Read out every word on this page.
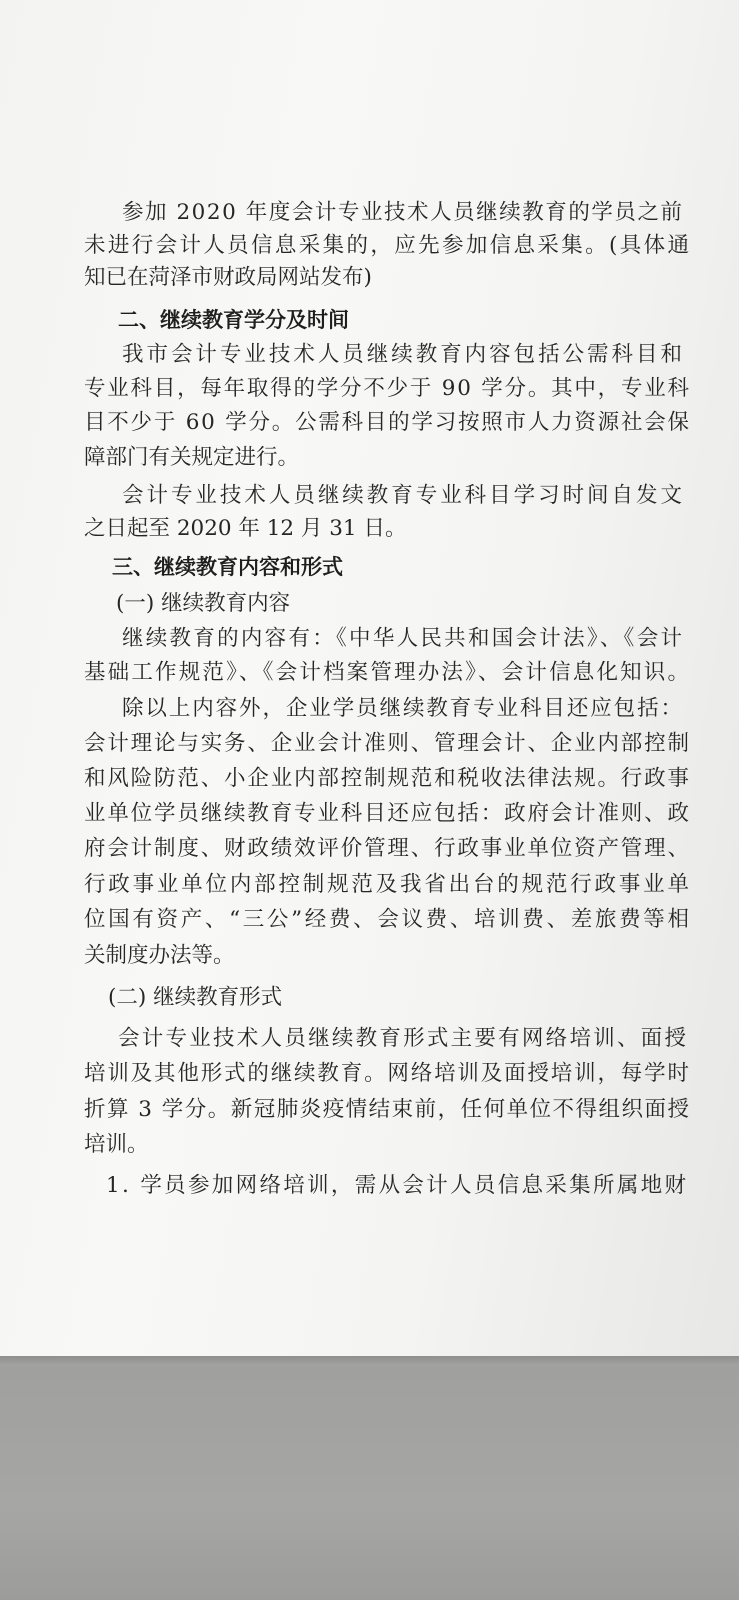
参加 2020 年度会计专业技术人员继续教育的学员之前
未进行会计人员信息采集的，应先参加信息采集。(具体通
知已在菏泽市财政局网站发布)
二、继续教育学分及时间
我市会计专业技术人员继续教育内容包括公需科目和
专业科目，每年取得的学分不少于 90 学分。其中，专业科
目不少于 60 学分。公需科目的学习按照市人力资源社会保
障部门有关规定进行。
会计专业技术人员继续教育专业科目学习时间自发文
之日起至 2020 年 12 月 31 日。
三、继续教育内容和形式
(一) 继续教育内容
继续教育的内容有：《中华人民共和国会计法》、《会计
基础工作规范》、《会计档案管理办法》、会计信息化知识。
除以上内容外，企业学员继续教育专业科目还应包括：
会计理论与实务、企业会计准则、管理会计、企业内部控制
和风险防范、小企业内部控制规范和税收法律法规。行政事
业单位学员继续教育专业科目还应包括：政府会计准则、政
府会计制度、财政绩效评价管理、行政事业单位资产管理、
行政事业单位内部控制规范及我省出台的规范行政事业单
位国有资产、“三公”经费、会议费、培训费、差旅费等相
关制度办法等。
(二) 继续教育形式
会计专业技术人员继续教育形式主要有网络培训、面授
培训及其他形式的继续教育。网络培训及面授培训，每学时
折算 3 学分。新冠肺炎疫情结束前，任何单位不得组织面授
培训。
1. 学员参加网络培训，需从会计人员信息采集所属地财
